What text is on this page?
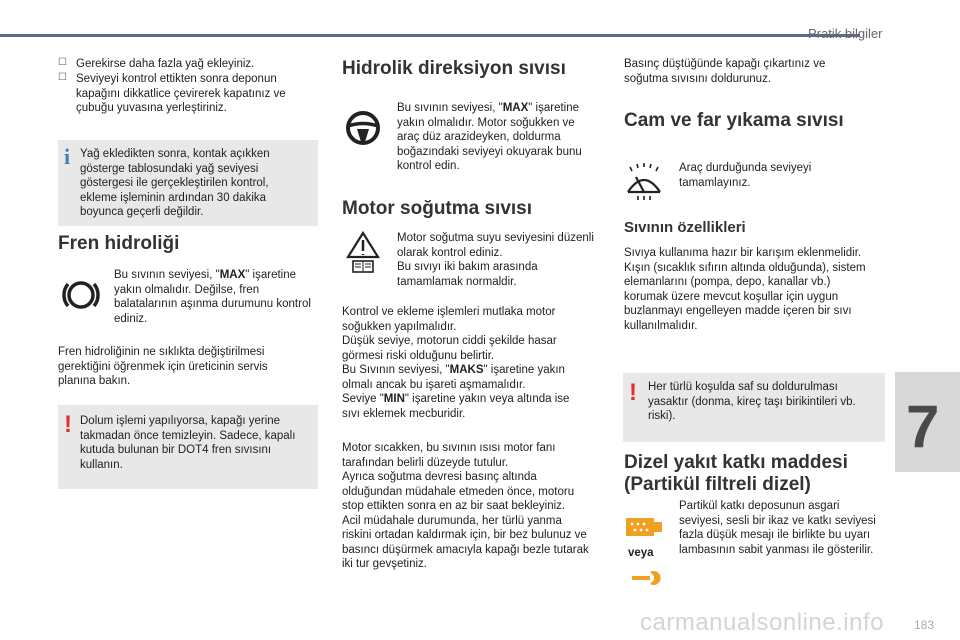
Pratik bilgiler
7
carmanualsonline.info	183
☐ Gerekirse daha fazla yağ ekleyiniz.

☐ Seviyeyi kontrol ettikten sonra deponun kapağını dikkatlice çevirerek kapatınız ve çubuğu yuvasına yerleştiriniz.

i Yağ ekledikten sonra, kontak açıkken gösterge tablosundaki yağ seviyesi göstergesi ile gerçekleştirilen kontrol, ekleme işleminin ardından 30 dakika boyunca geçerli değildir.

Fren hidroliği

Bu sıvının seviyesi, "MAX" işaretine yakın olmalıdır. Değilse, fren balatalarının aşınma durumunu kontrol ediniz.

Fren hidroliğinin ne sıklıkta değiştirilmesi gerektiğini öğrenmek için üreticinin servis planına bakın.

! Dolum işlemi yapılıyorsa, kapağı yerine takmadan önce temizleyin. Sadece, kapalı kutuda bulunan bir DOT4 fren sıvısını kullanın.

Hidrolik direksiyon sıvısı

Bu sıvının seviyesi, "MAX" işaretine yakın olmalıdır. Motor soğukken ve araç düz arazideyken, doldurma boğazındaki seviyeyi okuyarak bunu kontrol edin.

Motor soğutma sıvısı

Motor soğutma suyu seviyesini düzenli olarak kontrol ediniz.
Bu sıvıyı iki bakım arasında tamamlamak normaldir.

Kontrol ve ekleme işlemleri mutlaka motor soğukken yapılmalıdır.
Düşük seviye, motorun ciddi şekilde hasar görmesi riski olduğunu belirtir.
Bu Sıvının seviyesi, "MAKS" işaretine yakın olmalı ancak bu işareti aşmamalıdır.
Seviye "MIN" işaretine yakın veya altında ise sıvı eklemek mecburidir.

Motor sıcakken, bu sıvının ısısı motor fanı tarafından belirli düzeyde tutulur.
Ayrıca soğutma devresi basınç altında olduğundan müdahale etmeden önce, motoru stop ettikten sonra en az bir saat bekleyiniz.
Acil müdahale durumunda, her türlü yanma riskini ortadan kaldırmak için, bir bez bulunuz ve basıncı düşürmek amacıyla kapağı bezle tutarak iki tur gevşetiniz.

Basınç düştüğünde kapağı çıkartınız ve soğutma sıvısını doldurunuz.

Cam ve far yıkama sıvısı

Araç durduğunda seviyeyi tamamlayınız.

Sıvının özellikleri

Sıvıya kullanıma hazır bir karışım eklenmelidir.
Kışın (sıcaklık sıfırın altında olduğunda), sistem elemanlarını (pompa, depo, kanallar vb.) korumak üzere mevcut koşullar için uygun buzlanmayı engelleyen madde içeren bir sıvı kullanılmalıdır.

! Her türlü koşulda saf su doldurulması yasaktır (donma, kireç taşı birikintileri vb. riski).

Dizel yakıt katkı maddesi (Partikül filtreli dizel)

veya

Partikül katkı deposunun asgari seviyesi, sesli bir ikaz ve katkı seviyesi fazla düşük mesajı ile birlikte bu uyarı lambasının sabit yanması ile gösterilir.
